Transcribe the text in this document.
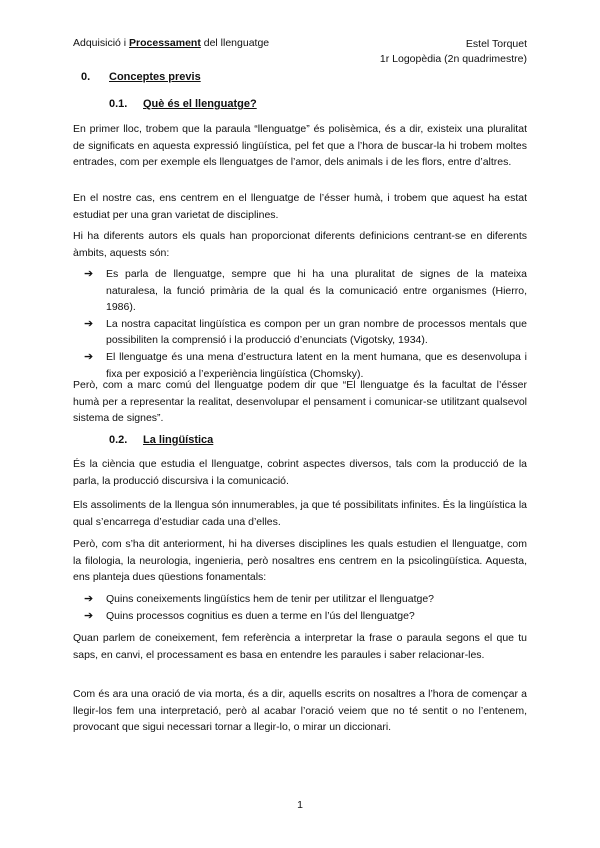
Adquisició i Processament del llenguatge	Estel Torquet
1r Logopèdia (2n quadrimestre)
0. Conceptes previs
0.1. Què és el llenguatge?
En primer lloc, trobem que la paraula “llenguatge” és polisèmica, és a dir, existeix una pluralitat de significats en aquesta expressió lingüística, pel fet que a l’hora de buscar-la hi trobem moltes entrades, com per exemple els llenguatges de l’amor, dels animals i de les flors, entre d’altres.
En el nostre cas, ens centrem en el llenguatge de l’ésser humà, i trobem que aquest ha estat estudiat per una gran varietat de disciplines.
Hi ha diferents autors els quals han proporcionat diferents definicions centrant-se en diferents àmbits, aquests són:
➔ Es parla de llenguatge, sempre que hi ha una pluralitat de signes de la mateixa naturalesa, la funció primària de la qual és la comunicació entre organismes (Hierro, 1986).
➔ La nostra capacitat lingüística es compon per un gran nombre de processos mentals que possibiliten la comprensió i la producció d’enunciats (Vigotsky, 1934).
➔ El llenguatge és una mena d’estructura latent en la ment humana, que es desenvolupa i fixa per exposició a l’experiència lingüística (Chomsky).
Però, com a marc comú del llenguatge podem dir que “El llenguatge és la facultat de l’ésser humà per a representar la realitat, desenvolupar el pensament i comunicar-se utilitzant qualsevol sistema de signes”.
0.2. La lingüística
És la ciència que estudia el llenguatge, cobrint aspectes diversos, tals com la producció de la parla, la producció discursiva i la comunicació.
Els assoliments de la llengua són innumerables, ja que té possibilitats infinites. És la lingüística la qual s’encarrega d’estudiar cada una d’elles.
Però, com s’ha dit anteriorment, hi ha diverses disciplines les quals estudien el llenguatge, com la filologia, la neurologia, ingenieria, però nosaltres ens centrem en la psicolingüística. Aquesta, ens planteja dues qüestions fonamentals:
➔ Quins coneixements lingüístics hem de tenir per utilitzar el llenguatge?
➔ Quins processos cognitius es duen a terme en l’ús del llenguatge?
Quan parlem de coneixement, fem referència a interpretar la frase o paraula segons el que tu saps, en canvi, el processament es basa en entendre les paraules i saber relacionar-les.
Com és ara una oració de via morta, és a dir, aquells escrits on nosaltres a l’hora de començar a llegir-los fem una interpretació, però al acabar l’oració veiem que no té sentit o no l’entenem, provocant que sigui necessari tornar a llegir-lo, o mirar un diccionari.
1
